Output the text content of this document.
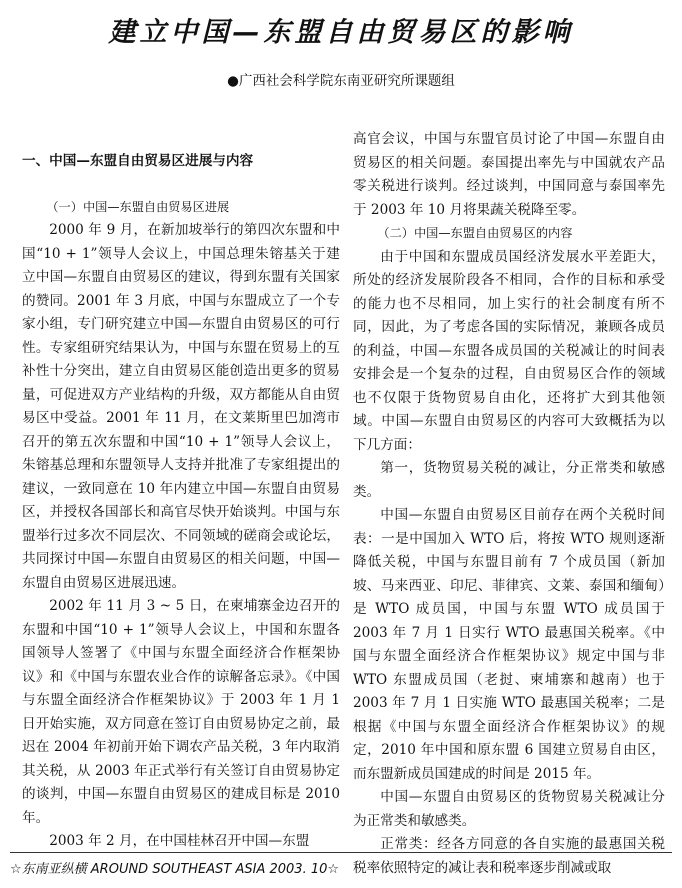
建立中国—东盟自由贸易区的影响
●广西社会科学院东南亚研究所课题组
一、中国—东盟自由贸易区进展与内容
（一）中国—东盟自由贸易区进展

2000 年 9 月，在新加坡举行的第四次东盟和中国“10 + 1”领导人会议上，中国总理朱镕基关于建立中国—东盟自由贸易区的建议，得到东盟有关国家的赞同。2001 年 3 月底，中国与东盟成立了一个专家小组，专门研究建立中国—东盟自由贸易区的可行性。专家组研究结果认为，中国与东盟在贸易上的互补性十分突出，建立自由贸易区能创造出更多的贸易量，可促进双方产业结构的升级，双方都能从自由贸易区中受益。2001 年 11 月，在文莱斯里巴加湾市召开的第五次东盟和中国“10 + 1”领导人会议上，朱镕基总理和东盟领导人支持并批准了专家组提出的建议，一致同意在 10 年内建立中国—东盟自由贸易区，并授权各国部长和高官尽快开始谈判。中国与东盟举行过多次不同层次、不同领域的磋商会或论坛，共同探讨中国—东盟自由贸易区的相关问题，中国—东盟自由贸易区进展迅速。

2002 年 11 月 3 ~ 5 日，在柬埔寨金边召开的东盟和中国“10 + 1”领导人会议上，中国和东盟各国领导人签署了《中国与东盟全面经济合作框架协议》和《中国与东盟农业合作的谅解备忘录》。《中国与东盟全面经济合作框架协议》于 2003 年 1 月 1 日开始实施，双方同意在签订自由贸易协定之前，最迟在 2004 年初前开始下调农产品关税，3 年内取消其关税，从 2003 年正式举行有关签订自由贸易协定的谈判，中国—东盟自由贸易区的建成目标是 2010 年。

2003 年 2 月，在中国桂林召开中国—东盟

高官会议，中国与东盟官员讨论了中国—东盟自由贸易区的相关问题。泰国提出率先与中国就农产品零关税进行谈判。经过谈判，中国同意与泰国率先于 2003 年 10 月将果蔬关税降至零。

（二）中国—东盟自由贸易区的内容

由于中国和东盟成员国经济发展水平差距大，所处的经济发展阶段各不相同，合作的目标和承受的能力也不尽相同，加上实行的社会制度有所不同，因此，为了考虑各国的实际情况，兼顾各成员的利益，中国—东盟各成员国的关税减让的时间表安排会是一个复杂的过程，自由贸易区合作的领域也不仅限于货物贸易自由化，还将扩大到其他领域。中国—东盟自由贸易区的内容可大致概括为以下几方面：

第一，货物贸易关税的减让，分正常类和敏感类。

中国—东盟自由贸易区目前存在两个关税时间表：一是中国加入 WTO 后，将按 WTO 规则逐渐降低关税，中国与东盟目前有 7 个成员国（新加坡、马来西亚、印尼、菲律宾、文莱、泰国和缅甸）是 WTO 成员国，中国与东盟 WTO 成员国于 2003 年 7 月 1 日实行 WTO 最惠国关税率。《中国与东盟全面经济合作框架协议》规定中国与非 WTO 东盟成员国（老挝、柬埔寨和越南）也于 2003 年 7 月 1 日实施 WTO 最惠国关税率；二是根据《中国与东盟全面经济合作框架协议》的规定，2010 年中国和原东盟 6 国建立贸易自由区，而东盟新成员国建成的时间是 2015 年。

中国—东盟自由贸易区的货物贸易关税减让分为正常类和敏感类。

正常类：经各方同意的各自实施的最惠国关税税率依照特定的减让表和税率逐步削减或取

☆东南亚纵横 AROUND SOUTHEAST ASIA 2003. 10☆
